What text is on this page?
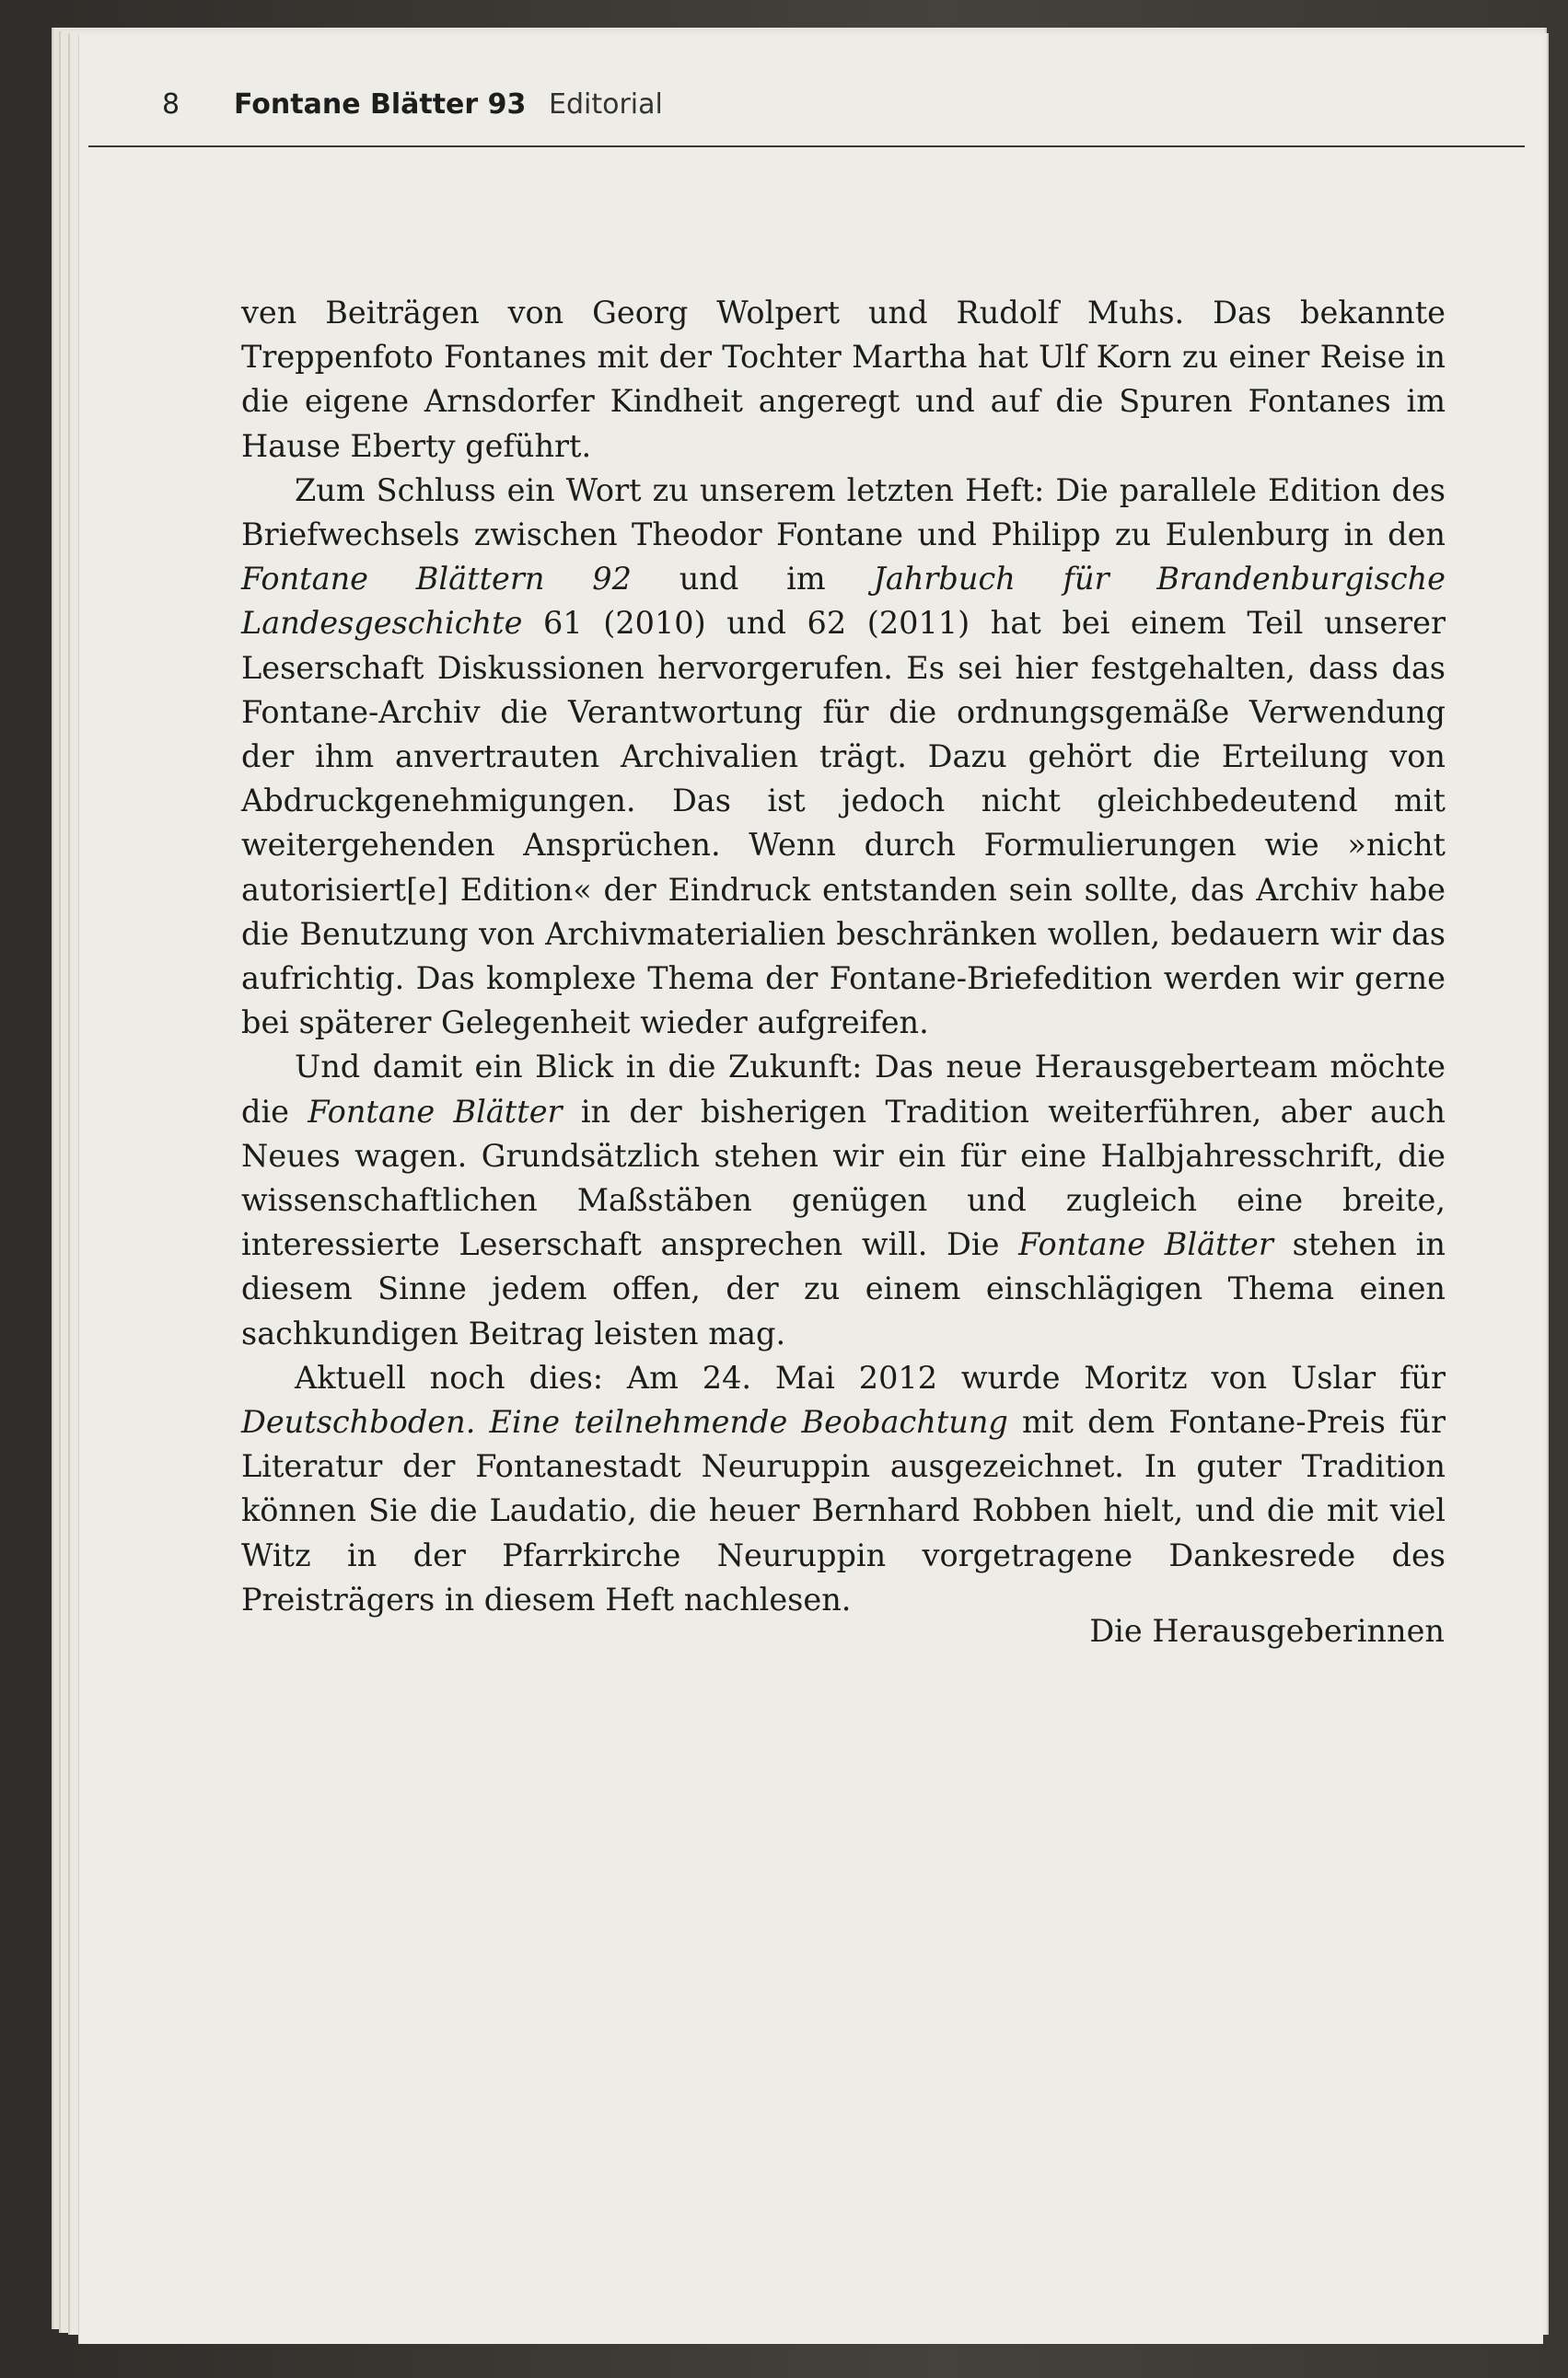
8 Fontane Blätter 93 Editorial

ven Beiträgen von Georg Wolpert und Rudolf Muhs. Das bekannte Treppenfoto Fontanes mit der Tochter Martha hat Ulf Korn zu einer Reise in die eigene Arnsdorfer Kindheit angeregt und auf die Spuren Fontanes im Hause Eberty geführt.

Zum Schluss ein Wort zu unserem letzten Heft: Die parallele Edition des Briefwechsels zwischen Theodor Fontane und Philipp zu Eulenburg in den Fontane Blättern 92 und im Jahrbuch für Brandenburgische Landesgeschichte 61 (2010) und 62 (2011) hat bei einem Teil unserer Leserschaft Diskussionen hervorgerufen. Es sei hier festgehalten, dass das Fontane-Archiv die Verantwortung für die ordnungsgemäße Verwendung der ihm anvertrauten Archivalien trägt. Dazu gehört die Erteilung von Abdruckgenehmigungen. Das ist jedoch nicht gleichbedeutend mit weitergehenden Ansprüchen. Wenn durch Formulierungen wie »nicht autorisiert[e] Edition« der Eindruck entstanden sein sollte, das Archiv habe die Benutzung von Archivmaterialien beschränken wollen, bedauern wir das aufrichtig. Das komplexe Thema der Fontane-Briefedition werden wir gerne bei späterer Gelegenheit wieder aufgreifen.

Und damit ein Blick in die Zukunft: Das neue Herausgeberteam möchte die Fontane Blätter in der bisherigen Tradition weiterführen, aber auch Neues wagen. Grundsätzlich stehen wir ein für eine Halbjahresschrift, die wissenschaftlichen Maßstäben genügen und zugleich eine breite, interessierte Leserschaft ansprechen will. Die Fontane Blätter stehen in diesem Sinne jedem offen, der zu einem einschlägigen Thema einen sachkundigen Beitrag leisten mag.

Aktuell noch dies: Am 24. Mai 2012 wurde Moritz von Uslar für Deutschboden. Eine teilnehmende Beobachtung mit dem Fontane-Preis für Literatur der Fontanestadt Neuruppin ausgezeichnet. In guter Tradition können Sie die Laudatio, die heuer Bernhard Robben hielt, und die mit viel Witz in der Pfarrkirche Neuruppin vorgetragene Dankesrede des Preisträgers in diesem Heft nachlesen.

Die Herausgeberinnen
